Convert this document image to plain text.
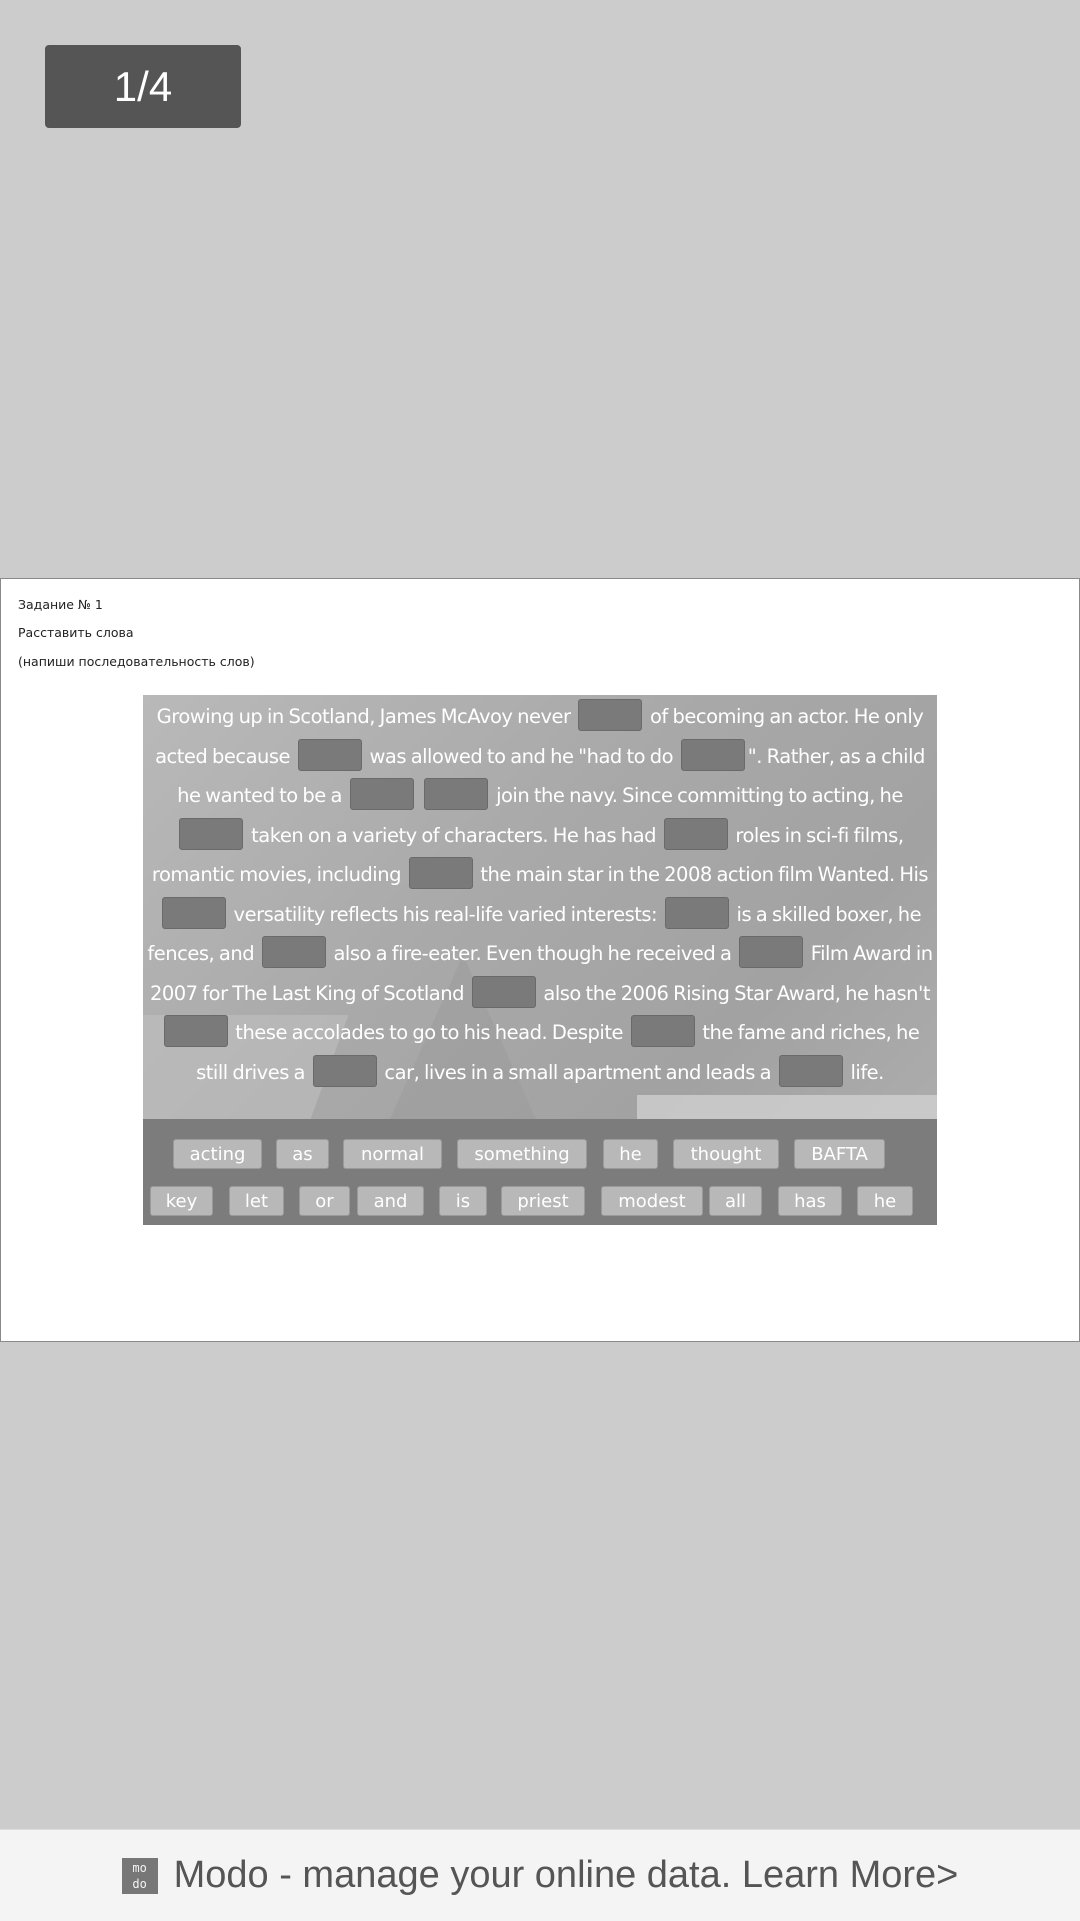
1/4
Задание № 1
Расставить слова
(напиши последовательность слов)
Growing up in Scotland, James McAvoy never	of becoming an actor. He only acted because	was allowed to and he "had to do	". Rather, as a child he wanted to be a	join the navy. Since committing to acting, he  taken on a variety of characters. He has had	roles in sci-fi films, romantic movies, including	the main star in the 2008 action film Wanted. His  versatility reflects his real-life varied interests:	is a skilled boxer, he fences, and	also a fire-eater. Even though he received a	Film Award in 2007 for The Last King of Scotland	also the 2006 Rising Star Award, he hasn't  these accolades to go to his head. Despite	the fame and riches, he still drives a	car, lives in a small apartment and leads a	life.
acting	as	normal	something	he	thought	BAFTA
key	let	or	and	is	priest	modest	all	has	he
mo
do Modo - manage your online data. Learn More>
